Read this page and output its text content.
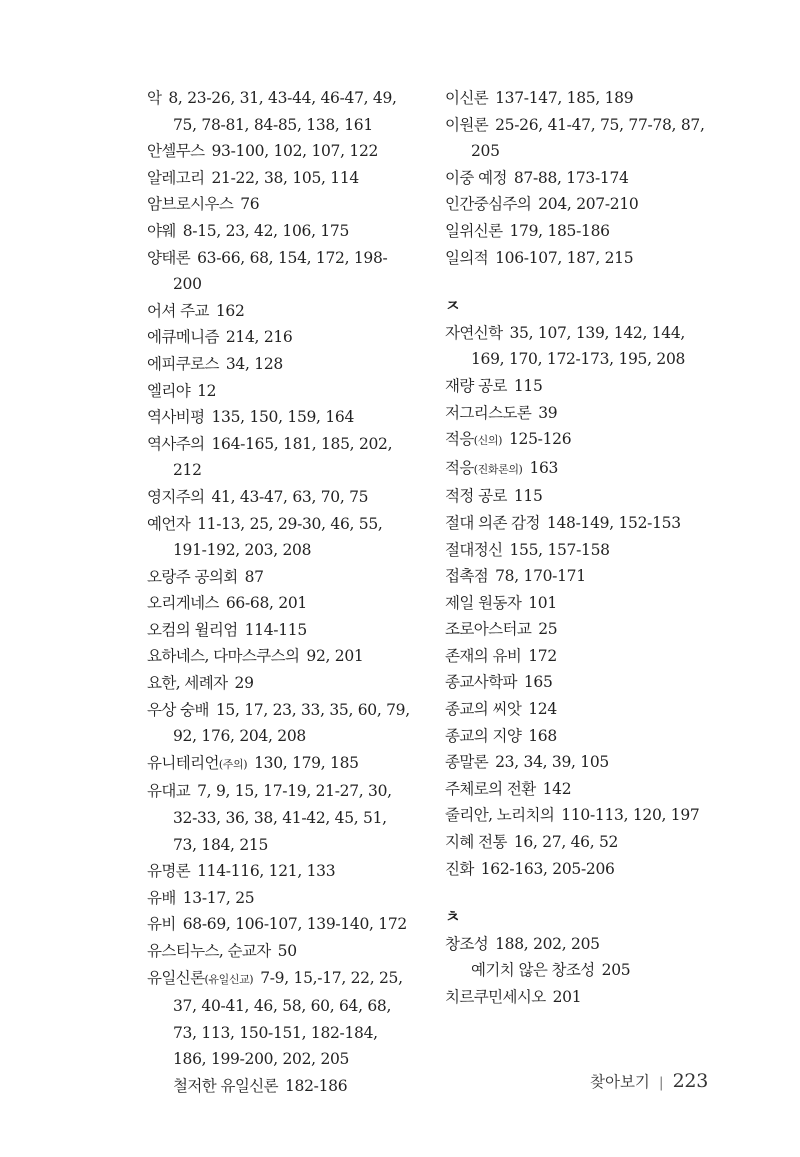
악 8, 23-26, 31, 43-44, 46-47, 49, 75, 78-81, 84-85, 138, 161
안셀무스 93-100, 102, 107, 122
알레고리 21-22, 38, 105, 114
암브로시우스 76
야웨 8-15, 23, 42, 106, 175
양태론 63-66, 68, 154, 172, 198-200
어셔 주교 162
에큐메니즘 214, 216
에피쿠로스 34, 128
엘리야 12
역사비평 135, 150, 159, 164
역사주의 164-165, 181, 185, 202, 212
영지주의 41, 43-47, 63, 70, 75
예언자 11-13, 25, 29-30, 46, 55, 191-192, 203, 208
오랑주 공의회 87
오리게네스 66-68, 201
오컴의 윌리엄 114-115
요하네스, 다마스쿠스의 92, 201
요한, 세례자 29
우상 숭배 15, 17, 23, 33, 35, 60, 79, 92, 176, 204, 208
유니테리언(주의) 130, 179, 185
유대교 7, 9, 15, 17-19, 21-27, 30, 32-33, 36, 38, 41-42, 45, 51, 73, 184, 215
유명론 114-116, 121, 133
유배 13-17, 25
유비 68-69, 106-107, 139-140, 172
유스티누스, 순교자 50
유일신론(유일신교) 7-9, 15,-17, 22, 25, 37, 40-41, 46, 58, 60, 64, 68, 73, 113, 150-151, 182-184, 186, 199-200, 202, 205
철저한 유일신론 182-186
이신론 137-147, 185, 189
이원론 25-26, 41-47, 75, 77-78, 87, 205
이중 예정 87-88, 173-174
인간중심주의 204, 207-210
일위신론 179, 185-186
일의적 106-107, 187, 215
ㅈ
자연신학 35, 107, 139, 142, 144, 169, 170, 172-173, 195, 208
재량 공로 115
저그리스도론 39
적응(신의) 125-126
적응(진화론의) 163
적정 공로 115
절대 의존 감정 148-149, 152-153
절대정신 155, 157-158
접촉점 78, 170-171
제일 원동자 101
조로아스터교 25
존재의 유비 172
종교사학파 165
종교의 씨앗 124
종교의 지양 168
종말론 23, 34, 39, 105
주체로의 전환 142
줄리안, 노리치의 110-113, 120, 197
지혜 전통 16, 27, 46, 52
진화 162-163, 205-206
ㅊ
창조성 188, 202, 205
예기치 않은 창조성 205
치르쿠민세시오 201
찾아보기 | 223
